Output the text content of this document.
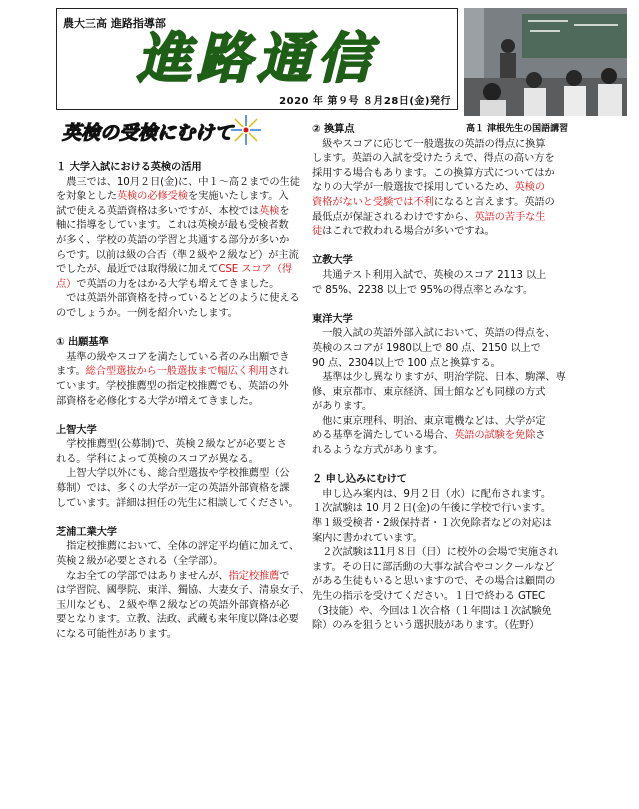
農大三高 進路指導部
進路通信
2020 年 第９号 ８月28日(金)発行
高１ 津根先生の国語講習
英検の受検にむけて

１ 大学入試における英検の活用

　農三では、10月２日(金)に、中１～高２までの生徒

を対象とした英検の必修受検を実施いたします。入

試で使える英語資格は多いですが、本校では英検を

軸に指導をしています。これは英検が最も受検者数

が多く、学校の英語の学習と共通する部分が多いか

らです。以前は級の合否（準２級や２級など）が主流

でしたが、最近では取得級に加えてCSE スコア（得

点）で英語の力をはかる大学も増えてきました。

　では英語外部資格を持っているとどのように使える

のでしょうか。一例を紹介いたします。

① 出願基準

　基準の級やスコアを満たしている者のみ出願でき

ます。総合型選抜から一般選抜まで幅広く利用され

ています。学校推薦型の指定校推薦でも、英語の外

部資格を必修化する大学が増えてきました。

上智大学

　学校推薦型(公募制)で、英検２級などが必要とさ

れる。学科によって英検のスコアが異なる。

　上智大学以外にも、総合型選抜や学校推薦型（公

募制）では、多くの大学が一定の英語外部資格を課

しています。詳細は担任の先生に相談してください。

芝浦工業大学

　指定校推薦において、全体の評定平均値に加えて、

英検２級が必要とされる（全学部）。

　なお全ての学部ではありませんが、指定校推薦で

は学習院、國學院、東洋、獨協、大妻女子、清泉女子、

玉川なども、２級や準２級などの英語外部資格が必

要となります。立教、法政、武蔵も来年度以降は必要

になる可能性があります。

② 換算点

　級やスコアに応じて一般選抜の英語の得点に換算

します。英語の入試を受けたうえで、得点の高い方を

採用する場合もあります。この換算方式についてはか

なりの大学が一般選抜で採用しているため、英検の

資格がないと受験では不利になると言えます。英語の

最低点が保証されるわけですから、英語の苦手な生

徒はこれで救われる場合が多いですね。

立教大学

　共通テスト利用入試で、英検のスコア 2113 以上

で 85%、2238 以上で 95%の得点率とみなす。

東洋大学

　一般入試の英語外部入試において、英語の得点を、

英検のスコアが 1980以上で 80 点、2150 以上で

90 点、2304以上で 100 点と換算する。

　基準は少し異なりますが、明治学院、日本、駒澤、専

修、東京都市、東京経済、国士館なども同様の方式

があります。

　他に東京理科、明治、東京電機などは、大学が定

める基準を満たしている場合、英語の試験を免除さ

れるような方式があります。

２ 申し込みにむけて

　申し込み案内は、9月２日（水）に配布されます。

１次試験は 10 月２日(金)の午後に学校で行います。

準１級受検者・2級保持者・１次免除者などの対応は

案内に書かれています。

　２次試験は11月８日（日）に校外の会場で実施され

ます。その日に部活動の大事な試合やコンクールなど

がある生徒もいると思いますので、その場合は顧問の

先生の指示を受けてください。１日で終わる GTEC

（3技能）や、今回は１次合格（１年間は１次試験免

除）のみを狙うという選択肢があります。（佐野）
